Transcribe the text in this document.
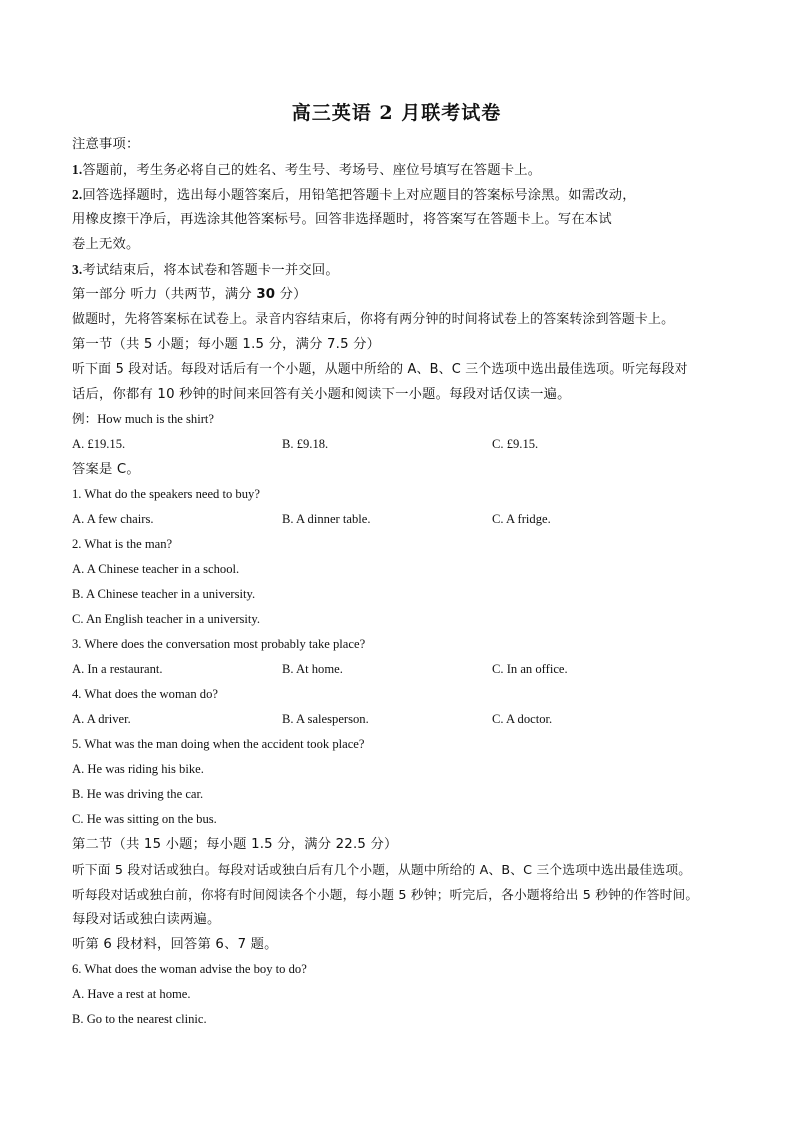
高三英语 2 月联考试卷
注意事项：
1.答题前，考生务必将自己的姓名、考生号、考场号、座位号填写在答题卡上。
2.回答选择题时，选出每小题答案后，用铅笔把答题卡上对应题目的答案标号涂黑。如需改动，
用橡皮擦干净后，再选涂其他答案标号。回答非选择题时，将答案写在答题卡上。写在本试
卷上无效。
3.考试结束后，将本试卷和答题卡一并交回。
第一部分 听力（共两节，满分 30 分）
做题时，先将答案标在试卷上。录音内容结束后，你将有两分钟的时间将试卷上的答案转涂到答题卡上。
第一节（共 5 小题；每小题 1.5 分，满分 7.5 分）
听下面 5 段对话。每段对话后有一个小题，从题中所给的 A、B、C 三个选项中选出最佳选项。听完每段对
话后，你都有 10 秒钟的时间来回答有关小题和阅读下一小题。每段对话仅读一遍。
例：How much is the shirt?
A. £19.15.	B. £9.18.	C. £9.15.
答案是 C。
1. What do the speakers need to buy?
A. A few chairs.	B. A dinner table.	C. A fridge.
2. What is the man?
A. A Chinese teacher in a school.
B. A Chinese teacher in a university.
C. An English teacher in a university.
3. Where does the conversation most probably take place?
A. In a restaurant.	B. At home.	C. In an office.
4. What does the woman do?
A. A driver.	B. A salesperson.	C. A doctor.
5. What was the man doing when the accident took place?
A. He was riding his bike.
B. He was driving the car.
C. He was sitting on the bus.
第二节（共 15 小题；每小题 1.5 分，满分 22.5 分）
听下面 5 段对话或独白。每段对话或独白后有几个小题，从题中所给的 A、B、C 三个选项中选出最佳选项。
听每段对话或独白前，你将有时间阅读各个小题，每小题 5 秒钟；听完后，各小题将给出 5 秒钟的作答时间。
每段对话或独白读两遍。
听第 6 段材料，回答第 6、7 题。
6. What does the woman advise the boy to do?
A. Have a rest at home.
B. Go to the nearest clinic.
